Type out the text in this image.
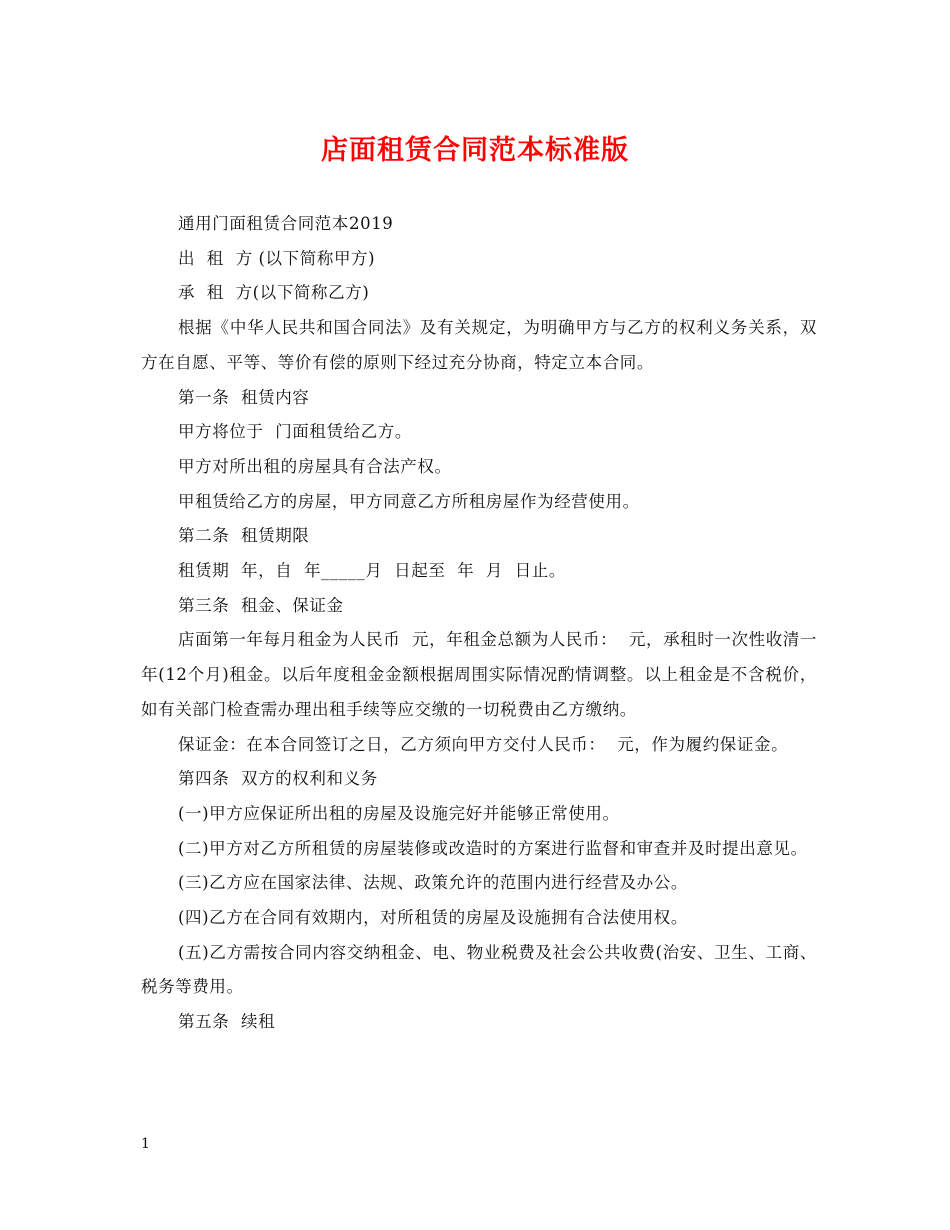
店面租赁合同范本标准版

通用门面租赁合同范本2019

出  租  方 (以下简称甲方)

承  租  方(以下简称乙方)

根据《中华人民共和国合同法》及有关规定，为明确甲方与乙方的权利义务关系，双方在自愿、平等、等价有偿的原则下经过充分协商，特定立本合同。

第一条  租赁内容

甲方将位于  门面租赁给乙方。

甲方对所出租的房屋具有合法产权。

甲租赁给乙方的房屋，甲方同意乙方所租房屋作为经营使用。

第二条  租赁期限

租赁期  年，自  年_____月  日起至  年  月  日止。

第三条  租金、保证金

店面第一年每月租金为人民币  元，年租金总额为人民币：  元，承租时一次性收清一年(12个月)租金。以后年度租金金额根据周围实际情况酌情调整。以上租金是不含税价，如有关部门检查需办理出租手续等应交缴的一切税费由乙方缴纳。

保证金：在本合同签订之日，乙方须向甲方交付人民币：  元，作为履约保证金。

第四条  双方的权利和义务

(一)甲方应保证所出租的房屋及设施完好并能够正常使用。

(二)甲方对乙方所租赁的房屋装修或改造时的方案进行监督和审查并及时提出意见。

(三)乙方应在国家法律、法规、政策允许的范围内进行经营及办公。

(四)乙方在合同有效期内，对所租赁的房屋及设施拥有合法使用权。

(五)乙方需按合同内容交纳租金、电、物业税费及社会公共收费(治安、卫生、工商、税务等费用。

第五条  续租

1
